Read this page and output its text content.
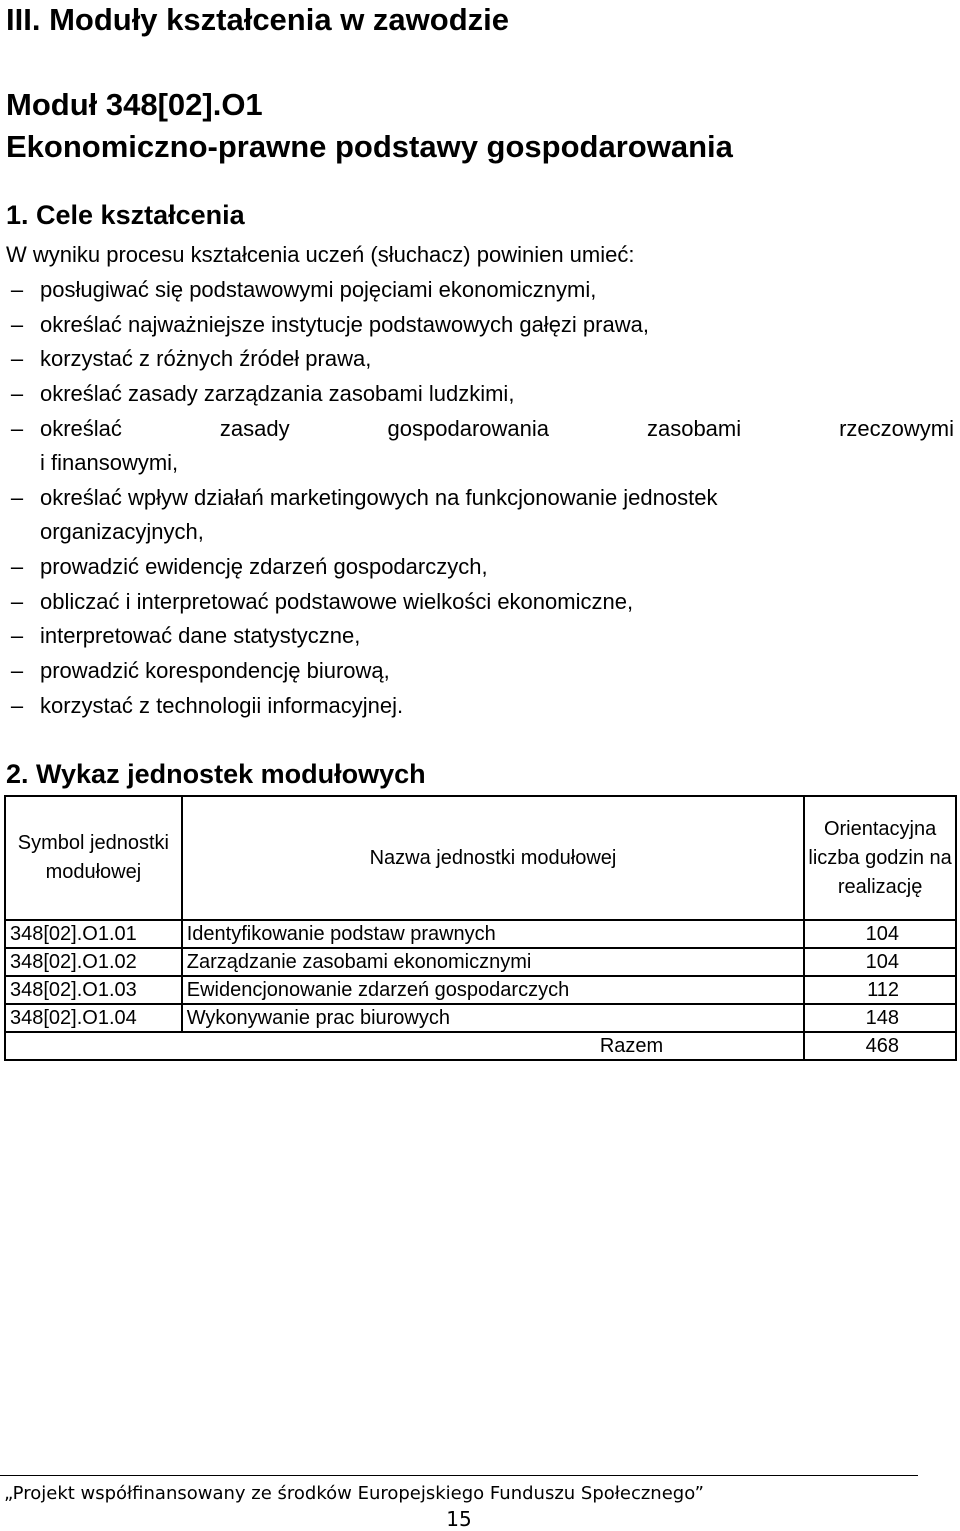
III. Moduły kształcenia w zawodzie
Moduł 348[02].O1
Ekonomiczno-prawne podstawy gospodarowania
1. Cele kształcenia
W wyniku procesu kształcenia uczeń (słuchacz) powinien umieć:
– posługiwać się podstawowymi pojęciami ekonomicznymi,
– określać najważniejsze instytucje podstawowych gałęzi prawa,
– korzystać z różnych źródeł prawa,
– określać zasady zarządzania zasobami ludzkimi,
– określać zasady gospodarowania zasobami rzeczowymi
i finansowymi,
– określać wpływ działań marketingowych na funkcjonowanie jednostek
organizacyjnych,
– prowadzić ewidencję zdarzeń gospodarczych,
– obliczać i interpretować podstawowe wielkości ekonomiczne,
– interpretować dane statystyczne,
– prowadzić korespondencję biurową,
– korzystać z technologii informacyjnej.
2. Wykaz jednostek modułowych
Symbol jednostki modułowej	Nazwa jednostki modułowej	Orientacyjna liczba godzin na realizację
348[02].O1.01	Identyfikowanie podstaw prawnych	104
348[02].O1.02	Zarządzanie zasobami ekonomicznymi	104
348[02].O1.03	Ewidencjonowanie zdarzeń gospodarczych	112
348[02].O1.04	Wykonywanie prac biurowych	148
Razem		468
„Projekt współfinansowany ze środków Europejskiego Funduszu Społecznego”
15
